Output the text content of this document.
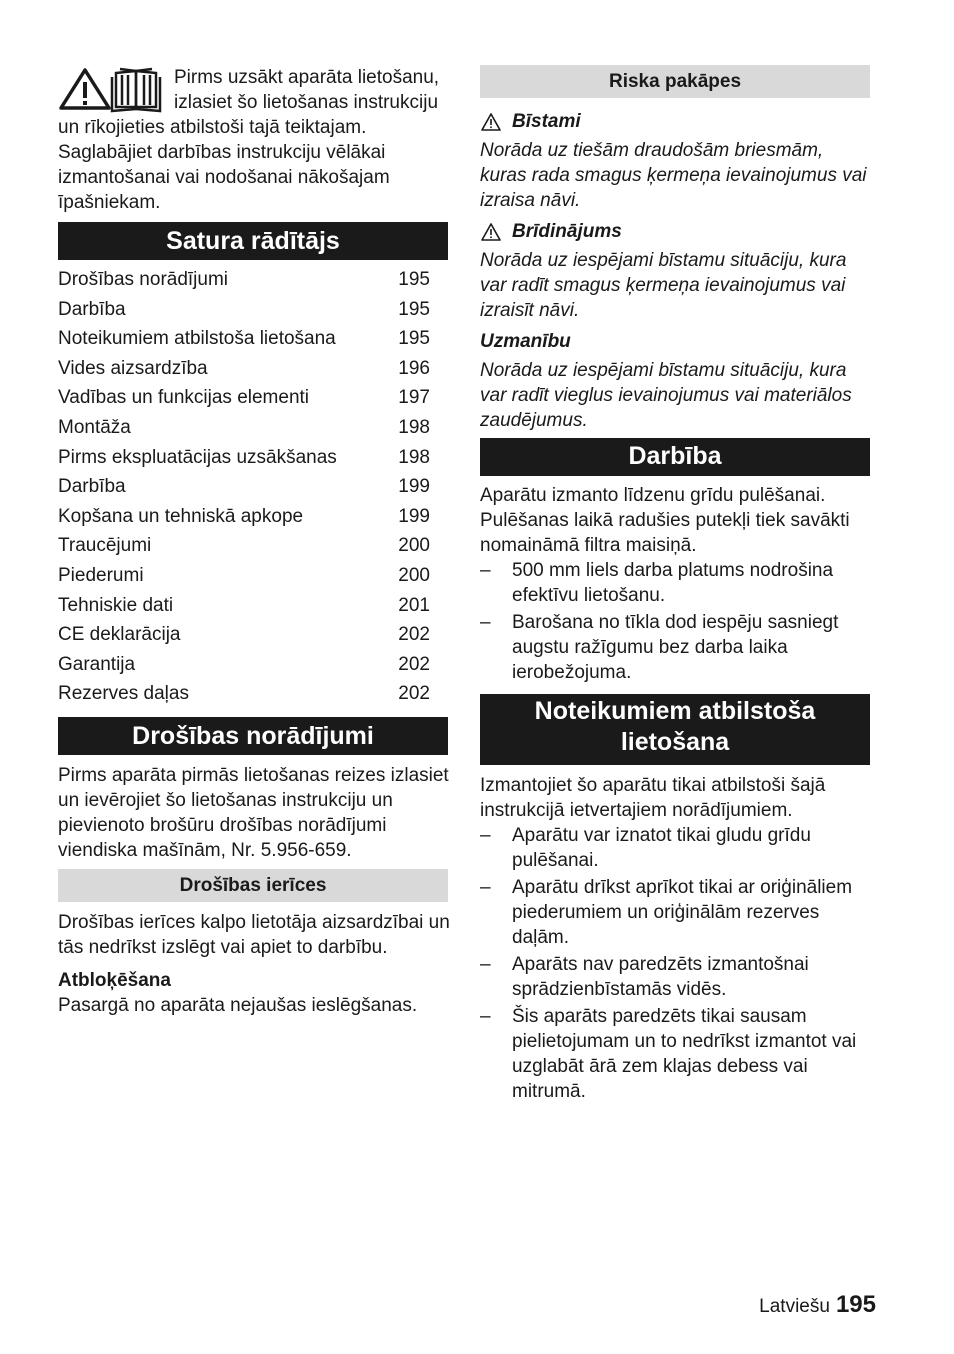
Pirms uzsākt aparāta lietošanu, izlasiet šo lietošanas instrukciju un rīkojieties atbilstoši tajā teiktajam. Saglabājiet darbības instrukciju vēlākai izmantošanai vai nodošanai nākošajam īpašniekam.

Satura rādītājs
Drošības norādījumi	195
Darbība	195
Noteikumiem atbilstoša lietošana	195
Vides aizsardzība	196
Vadības un funkcijas elementi	197
Montāža	198
Pirms ekspluatācijas uzsākšanas	198
Darbība	199
Kopšana un tehniskā apkope	199
Traucējumi	200
Piederumi	200
Tehniskie dati	201
CE deklarācija	202
Garantija	202
Rezerves daļas	202
Drošības norādījumi

Pirms aparāta pirmās lietošanas reizes izlasiet un ievērojiet šo lietošanas instrukciju un pievienoto brošūru drošības norādījumi viendiska mašīnām, Nr. 5.956-659.

Drošības ierīces

Drošības ierīces kalpo lietotāja aizsardzībai un tās nedrīkst izslēgt vai apiet to darbību.

Atbloķēšana

Pasargā no aparāta nejaušas ieslēgšanas.

Riska pakāpes
Bīstami

Norāda uz tiešām draudošām briesmām, kuras rada smagus ķermeņa ievainojumus vai izraisa nāvi.

Brīdinājums

Norāda uz iespējami bīstamu situāciju, kura var radīt smagus ķermeņa ievainojumus vai izraisīt nāvi.

Uzmanību

Norāda uz iespējami bīstamu situāciju, kura var radīt vieglus ievainojumus vai materiālos zaudējumus.

Darbība

Aparātu izmanto līdzenu grīdu pulēšanai. Pulēšanas laikā radušies putekļi tiek savākti nomaināmā filtra maisiņā.

–	500 mm liels darba platums nodrošina efektīvu lietošanu.
–	Barošana no tīkla dod iespēju sasniegt augstu ražīgumu bez darba laika ierobežojuma.
Noteikumiem atbilstoša
lietošana

Izmantojiet šo aparātu tikai atbilstoši šajā instrukcijā ietvertajiem norādījumiem.

–	Aparātu var iznatot tikai gludu grīdu pulēšanai.
–	Aparātu drīkst aprīkot tikai ar oriģināliem piederumiem un oriģinālām rezerves daļām.
–	Aparāts nav paredzēts izmantošnai sprādzienbīstamās vidēs.
–	Šis aparāts paredzēts tikai sausam pielietojumam un to nedrīkst izmantot vai uzglabāt ārā zem klajas debess vai mitrumā.
Latviešu 195
